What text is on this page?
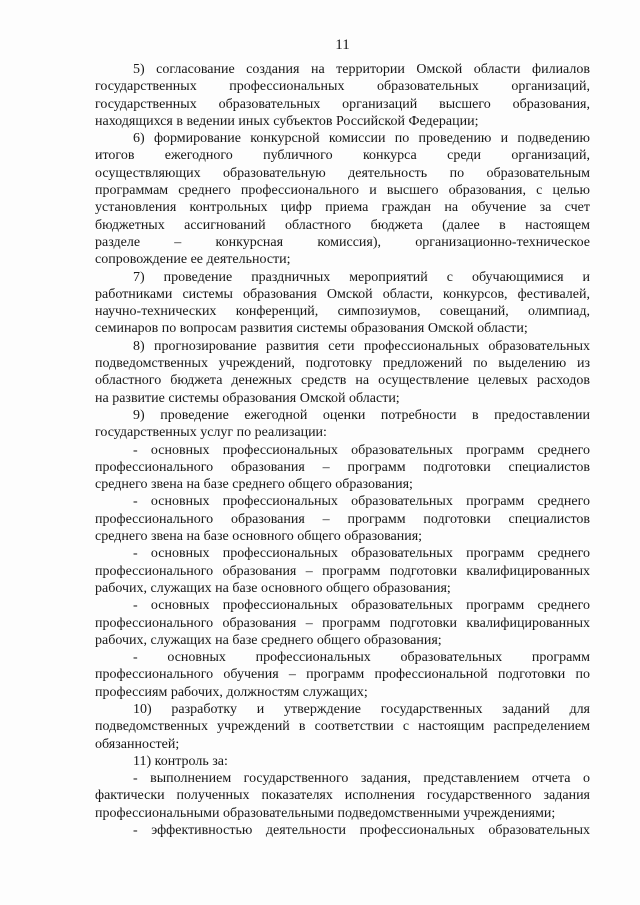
11
5) согласование создания на территории Омской области филиалов
государственных профессиональных образовательных организаций,
государственных образовательных организаций высшего образования,
находящихся в ведении иных субъектов Российской Федерации;
6) формирование конкурсной комиссии по проведению и подведению
итогов ежегодного публичного конкурса среди организаций,
осуществляющих образовательную деятельность по образовательным
программам среднего профессионального и высшего образования, с целью
установления контрольных цифр приема граждан на обучение за счет
бюджетных ассигнований областного бюджета (далее в настоящем
разделе – конкурсная комиссия), организационно-техническое
сопровождение ее деятельности;
7) проведение праздничных мероприятий с обучающимися и
работниками системы образования Омской области, конкурсов, фестивалей,
научно-технических конференций, симпозиумов, совещаний, олимпиад,
семинаров по вопросам развития системы образования Омской области;
8) прогнозирование развития сети профессиональных образовательных
подведомственных учреждений, подготовку предложений по выделению из
областного бюджета денежных средств на осуществление целевых расходов
на развитие системы образования Омской области;
9) проведение ежегодной оценки потребности в предоставлении
государственных услуг по реализации:
- основных профессиональных образовательных программ среднего
профессионального образования – программ подготовки специалистов
среднего звена на базе среднего общего образования;
- основных профессиональных образовательных программ среднего
профессионального образования – программ подготовки специалистов
среднего звена на базе основного общего образования;
- основных профессиональных образовательных программ среднего
профессионального образования – программ подготовки квалифицированных
рабочих, служащих на базе основного общего образования;
- основных профессиональных образовательных программ среднего
профессионального образования – программ подготовки квалифицированных
рабочих, служащих на базе среднего общего образования;
- основных профессиональных образовательных программ
профессионального обучения – программ профессиональной подготовки по
профессиям рабочих, должностям служащих;
10) разработку и утверждение государственных заданий для
подведомственных учреждений в соответствии с настоящим распределением
обязанностей;
11) контроль за:
- выполнением государственного задания, представлением отчета о
фактически полученных показателях исполнения государственного задания
профессиональными образовательными подведомственными учреждениями;
- эффективностью деятельности профессиональных образовательных
